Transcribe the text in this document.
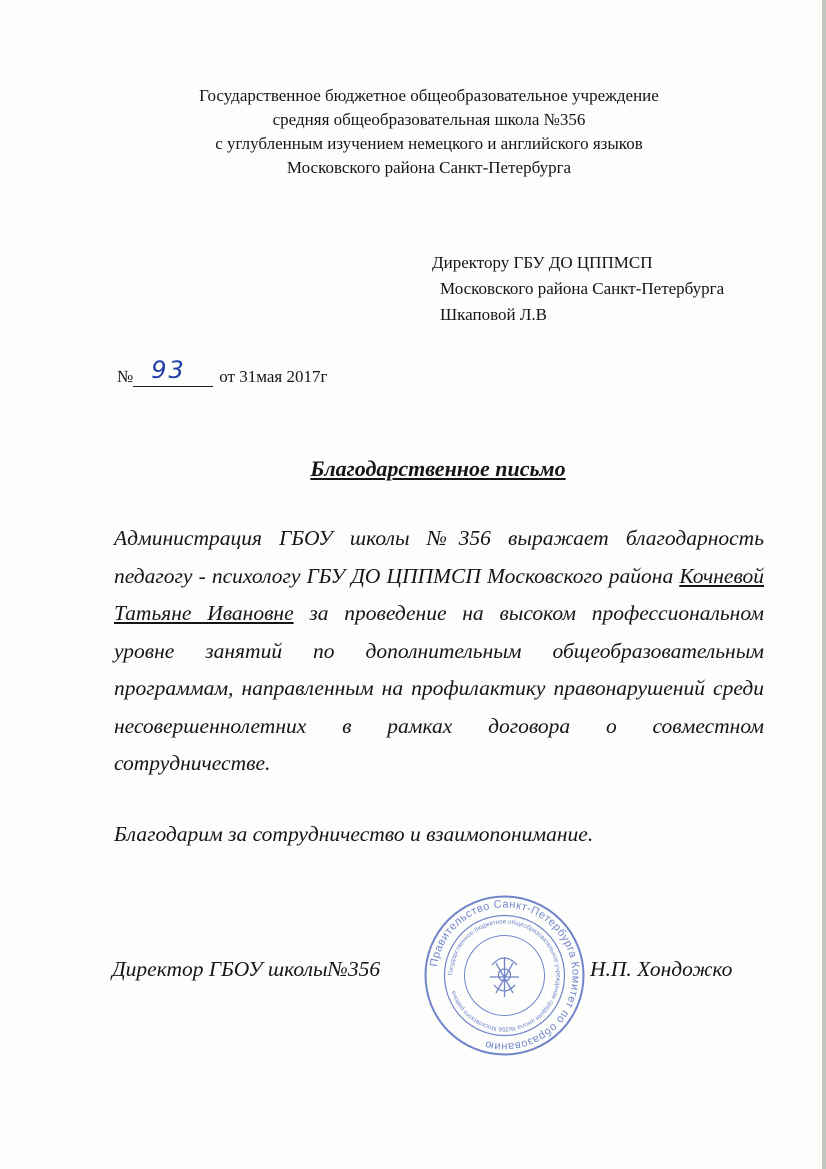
Государственное бюджетное общеобразовательное учреждение
средняя общеобразовательная школа №356
с углубленным изучением немецкого и английского языков
Московского района Санкт-Петербурга
Директору ГБУ ДО ЦППМСП
Московского района Санкт-Петербурга
Шкаповой Л.В
№ 93 от 31мая 2017г
Благодарственное письмо

Администрация ГБОУ школы №356 выражает благодарность педагогу - психологу ГБУ ДО ЦППМСП Московского района Кочневой Татьяне Ивановне за проведение на высоком профессиональном уровне занятий по дополнительным общеобразовательным программам, направленным на профилактику правонарушений среди несовершеннолетних в рамках договора о совместном сотрудничестве.

Благодарим за сотрудничество и взаимопонимание.
Правительство Санкт-Петербурга Комитет по образованию
Государственное бюджетное общеобразовательное учреждение средняя школа №356 Московского района
Директор ГБОУ школы№356	Н.П. Хондожко
